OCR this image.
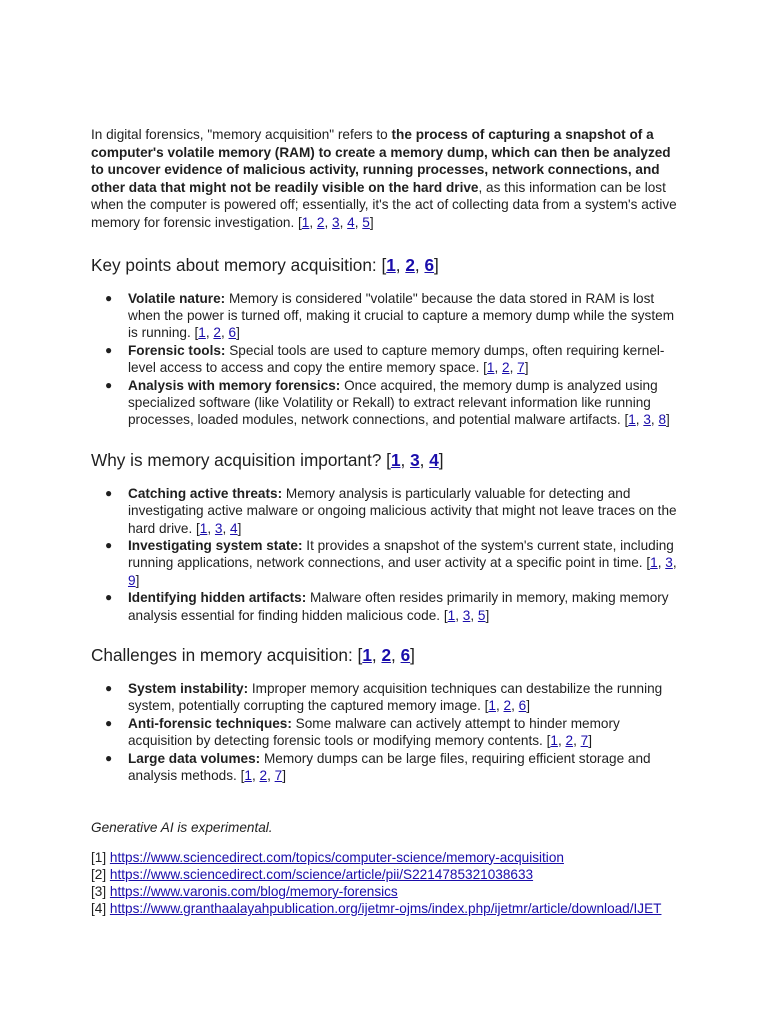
In digital forensics, "memory acquisition" refers to the process of capturing a snapshot of a computer's volatile memory (RAM) to create a memory dump, which can then be analyzed to uncover evidence of malicious activity, running processes, network connections, and other data that might not be readily visible on the hard drive, as this information can be lost when the computer is powered off; essentially, it's the act of collecting data from a system's active memory for forensic investigation. [1, 2, 3, 4, 5]

Key points about memory acquisition: [1, 2, 6]
● Volatile nature: Memory is considered "volatile" because the data stored in RAM is lost when the power is turned off, making it crucial to capture a memory dump while the system is running. [1, 2, 6]
● Forensic tools: Special tools are used to capture memory dumps, often requiring kernel-level access to access and copy the entire memory space. [1, 2, 7]
● Analysis with memory forensics: Once acquired, the memory dump is analyzed using specialized software (like Volatility or Rekall) to extract relevant information like running processes, loaded modules, network connections, and potential malware artifacts. [1, 3, 8]
Why is memory acquisition important? [1, 3, 4]
● Catching active threats: Memory analysis is particularly valuable for detecting and investigating active malware or ongoing malicious activity that might not leave traces on the hard drive. [1, 3, 4]
● Investigating system state: It provides a snapshot of the system's current state, including running applications, network connections, and user activity at a specific point in time. [1, 3, 9]
● Identifying hidden artifacts: Malware often resides primarily in memory, making memory analysis essential for finding hidden malicious code. [1, 3, 5]
Challenges in memory acquisition: [1, 2, 6]
● System instability: Improper memory acquisition techniques can destabilize the running system, potentially corrupting the captured memory image. [1, 2, 6]
● Anti-forensic techniques: Some malware can actively attempt to hinder memory acquisition by detecting forensic tools or modifying memory contents. [1, 2, 7]
● Large data volumes: Memory dumps can be large files, requiring efficient storage and analysis methods. [1, 2, 7]

Generative AI is experimental.

[1] https://www.sciencedirect.com/topics/computer-science/memory-acquisition
[2] https://www.sciencedirect.com/science/article/pii/S2214785321038633
[3] https://www.varonis.com/blog/memory-forensics
[4] https://www.granthaalayahpublication.org/ijetmr-ojms/index.php/ijetmr/article/download/IJET
